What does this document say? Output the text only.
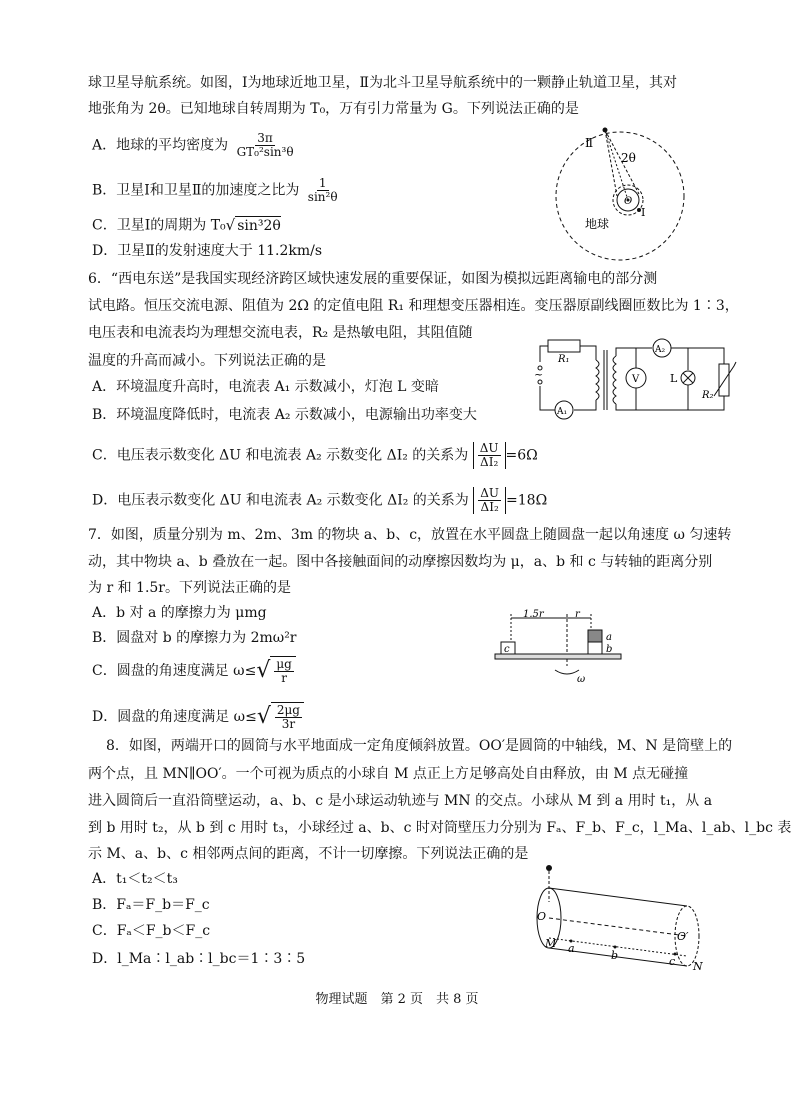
球卫星导航系统。如图，Ⅰ为地球近地卫星，Ⅱ为北斗卫星导航系统中的一颗静止轨道卫星，其对
地张角为 2θ。已知地球自转周期为 T₀，万有引力常量为 G。下列说法正确的是
A．地球的平均密度为 $\frac{3\pi}{\text{GT₀²sin³θ}}$
B．卫星Ⅰ和卫星Ⅱ的加速度之比为 $\frac{1}{\text{sin²θ}}$
C．卫星Ⅰ的周期为 T₀ √ sin³2θ
D．卫星Ⅱ的发射速度大于 11.2km/s
Ⅱ
2θ
O
Ⅰ
地球
6．“西电东送”是我国实现经济跨区域快速发展的重要保证，如图为模拟远距离输电的部分测
试电路。恒压交流电源、阻值为 2Ω 的定值电阻 R₁ 和理想变压器相连。变压器原副线圈匝数比为 1∶3，
电压表和电流表均为理想交流电表，R₂ 是热敏电阻，其阻值随
温度的升高而减小。下列说法正确的是
A．环境温度升高时，电流表 A₁ 示数减小，灯泡 L 变暗
B．环境温度降低时，电流表 A₂ 示数减小，电源输出功率变大
C．电压表示数变化 ΔU 和电流表 A₂ 示数变化 ΔI₂ 的关系为 $\frac{\Delta U}{\text{ΔI₂}} =6\Omega$
D．电压表示数变化 ΔU 和电流表 A₂ 示数变化 ΔI₂ 的关系为 $\frac{\Delta U}{\text{ΔI₂}} =18\Omega$
~
R₁
A₂
A₁
V	L
R₂
7．如图，质量分别为 m、2m、3m 的物块 a、b、c，放置在水平圆盘上随圆盘一起以角速度 ω 匀速转
动，其中物块 a、b 叠放在一起。图中各接触面间的动摩擦因数均为 μ，a、b 和 c 与转轴的距离分别
为 r 和 1.5r。下列说法正确的是
A．b 对 a 的摩擦力为 μmg
B．圆盘对 b 的摩擦力为 2mω²r
C．圆盘的角速度满足 ω≤ √ $\frac{\mu g}{r}$
D．圆盘的角速度满足 ω≤ √ $\frac{2\mu g}{3r}$
1.5r	r
a
b
c
ω
8．如图，两端开口的圆筒与水平地面成一定角度倾斜放置。OO′是圆筒的中轴线，M、N 是筒壁上的
两个点，且 MN∥OO′。一个可视为质点的小球自 M 点正上方足够高处自由释放，由 M 点无碰撞
进入圆筒后一直沿筒壁运动，a、b、c 是小球运动轨迹与 MN 的交点。小球从 M 到 a 用时 t₁，从 a
到 b 用时 t₂，从 b 到 c 用时 t₃，小球经过 a、b、c 时对筒壁压力分别为 Fₐ、F_b、F_c，l_Ma、l_ab、l_bc 表
示 M、a、b、c 相邻两点间的距离，不计一切摩擦。下列说法正确的是
A．t₁＜t₂＜t₃
B．Fₐ＝F_b＝F_c
C．Fₐ＜F_b＜F_c
D．l_Ma∶l_ab∶l_bc＝1∶3∶5
O
O′
M
N
a
b	c
物理试题　第 2 页　共 8 页
